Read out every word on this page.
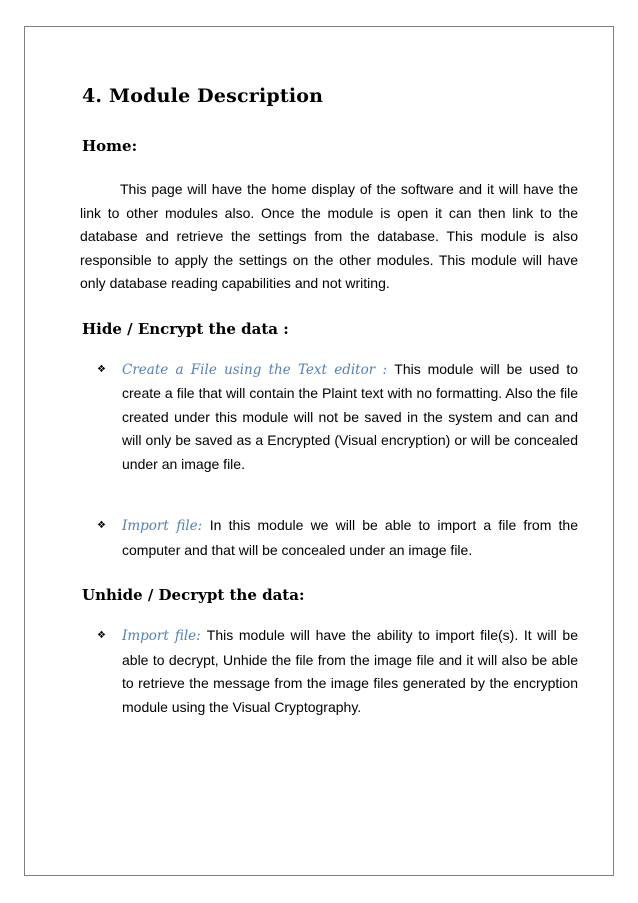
4. Module Description
Home:

This page will have the home display of the software and it will have the link to other modules also. Once the module is open it can then link to the database and retrieve the settings from the database. This module is also responsible to apply the settings on the other modules. This module will have only database reading capabilities and not writing.

Hide / Encrypt the data :
❖ Create a File using the Text editor : This module will be used to create a file that will contain the Plaint text with no formatting. Also the file created under this module will not be saved in the system and can and will only be saved as a Encrypted (Visual encryption) or will be concealed under an image file.
❖ Import file: In this module we will be able to import a file from the computer and that will be concealed under an image file.
Unhide / Decrypt the data:
❖ Import file: This module will have the ability to import file(s). It will be able to decrypt, Unhide the file from the image file and it will also be able to retrieve the message from the image files generated by the encryption module using the Visual Cryptography.
